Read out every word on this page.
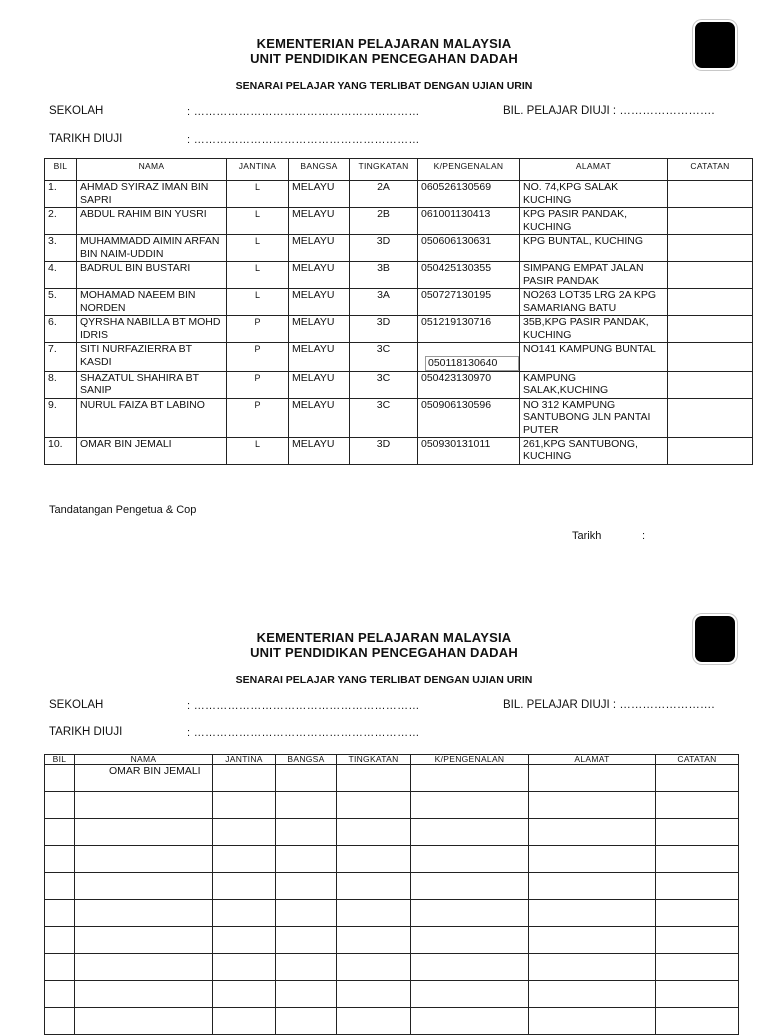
KEMENTERIAN PELAJARAN MALAYSIA
UNIT PENDIDIKAN PENCEGAHAN DADAH
SENARAI PELAJAR YANG TERLIBAT DENGAN UJIAN URIN
SEKOLAH	: ……………………………………………………	BIL. PELAJAR DIUJI : …………………….
TARIKH DIUJI	: ……………………………………………………
BIL	NAMA	JANTINA	BANGSA	TINGKATAN	K/PENGENALAN	ALAMAT	CATATAN
1.	AHMAD SYIRAZ IMAN BIN SAPRI	L	MELAYU	2A	060526130569	NO. 74,KPG SALAK KUCHING	
2.	ABDUL RAHIM BIN YUSRI	L	MELAYU	2B	061001130413	KPG PASIR PANDAK, KUCHING	
3.	MUHAMMADD AIMIN ARFAN BIN NAIM-UDDIN	L	MELAYU	3D	050606130631	KPG BUNTAL, KUCHING	
4.	BADRUL BIN BUSTARI	L	MELAYU	3B	050425130355	SIMPANG EMPAT JALAN PASIR PANDAK	
5.	MOHAMAD NAEEM BIN NORDEN	L	MELAYU	3A	050727130195	NO263 LOT35 LRG 2A KPG SAMARIANG BATU	
6.	QYRSHA NABILLA BT MOHD IDRIS	P	MELAYU	3D	051219130716	35B,KPG PASIR PANDAK, KUCHING	
7.	SITI NURFAZIERRA BT KASDI	P	MELAYU	3C	050118130640	NO141 KAMPUNG BUNTAL	
8.	SHAZATUL SHAHIRA BT SANIP	P	MELAYU	3C	050423130970	KAMPUNG SALAK,KUCHING	
9.	NURUL FAIZA BT LABINO	P	MELAYU	3C	050906130596	NO 312 KAMPUNG SANTUBONG JLN PANTAI PUTER	
10.	OMAR BIN JEMALI	L	MELAYU	3D	050930131011	261,KPG SANTUBONG, KUCHING	
Tandatangan Pengetua & Cop
Tarikh	:
KEMENTERIAN PELAJARAN MALAYSIA
UNIT PENDIDIKAN PENCEGAHAN DADAH
SENARAI PELAJAR YANG TERLIBAT DENGAN UJIAN URIN
SEKOLAH	: ……………………………………………………	BIL. PELAJAR DIUJI : …………………….
TARIKH DIUJI	: ……………………………………………………
BIL	NAMA	JANTINA	BANGSA	TINGKATAN	K/PENGENALAN	ALAMAT	CATATAN
	OMAR BIN JEMALI						
